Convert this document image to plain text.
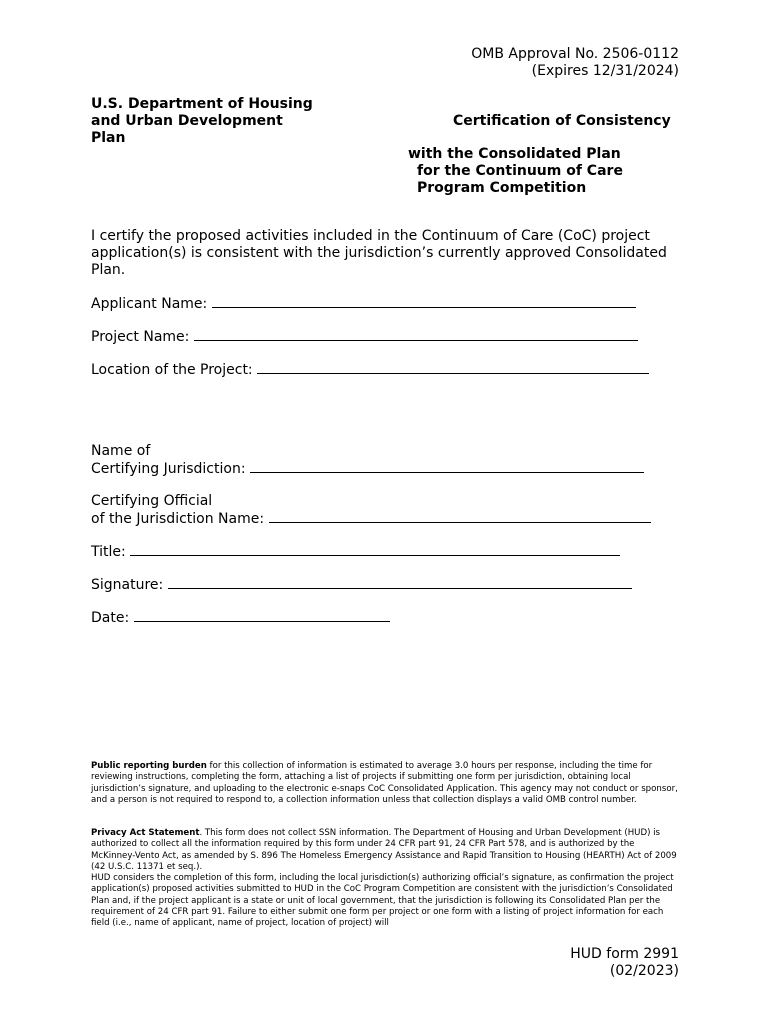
OMB Approval No. 2506-0112
(Expires 12/31/2024)
U.S. Department of Housing
and Urban Development
Plan
Certification of Consistency
with the Consolidated Plan
for the Continuum of Care
Program Competition
I certify the proposed activities included in the Continuum of Care (CoC) project application(s) is consistent with the jurisdiction’s currently approved Consolidated Plan.
Applicant Name:
Project Name:
Location of the Project:
Name of
Certifying Jurisdiction:
Certifying Official
of the Jurisdiction Name:
Title:
Signature:
Date:
Public reporting burden for this collection of information is estimated to average 3.0 hours per response, including the time for reviewing instructions, completing the form, attaching a list of projects if submitting one form per jurisdiction, obtaining local jurisdiction’s signature, and uploading to the electronic e-snaps CoC Consolidated Application. This agency may not conduct or sponsor, and a person is not required to respond to, a collection information unless that collection displays a valid OMB control number.
Privacy Act Statement. This form does not collect SSN information. The Department of Housing and Urban Development (HUD) is authorized to collect all the information required by this form under 24 CFR part 91, 24 CFR Part 578, and is authorized by the McKinney-Vento Act, as amended by S. 896 The Homeless Emergency Assistance and Rapid Transition to Housing (HEARTH) Act of 2009 (42 U.S.C. 11371 et seq.).
HUD considers the completion of this form, including the local jurisdiction(s) authorizing official’s signature, as confirmation the project application(s) proposed activities submitted to HUD in the CoC Program Competition are consistent with the jurisdiction’s Consolidated Plan and, if the project applicant is a state or unit of local government, that the jurisdiction is following its Consolidated Plan per the requirement of 24 CFR part 91. Failure to either submit one form per project or one form with a listing of project information for each field (i.e., name of applicant, name of project, location of project) will
HUD form 2991
(02/2023)
